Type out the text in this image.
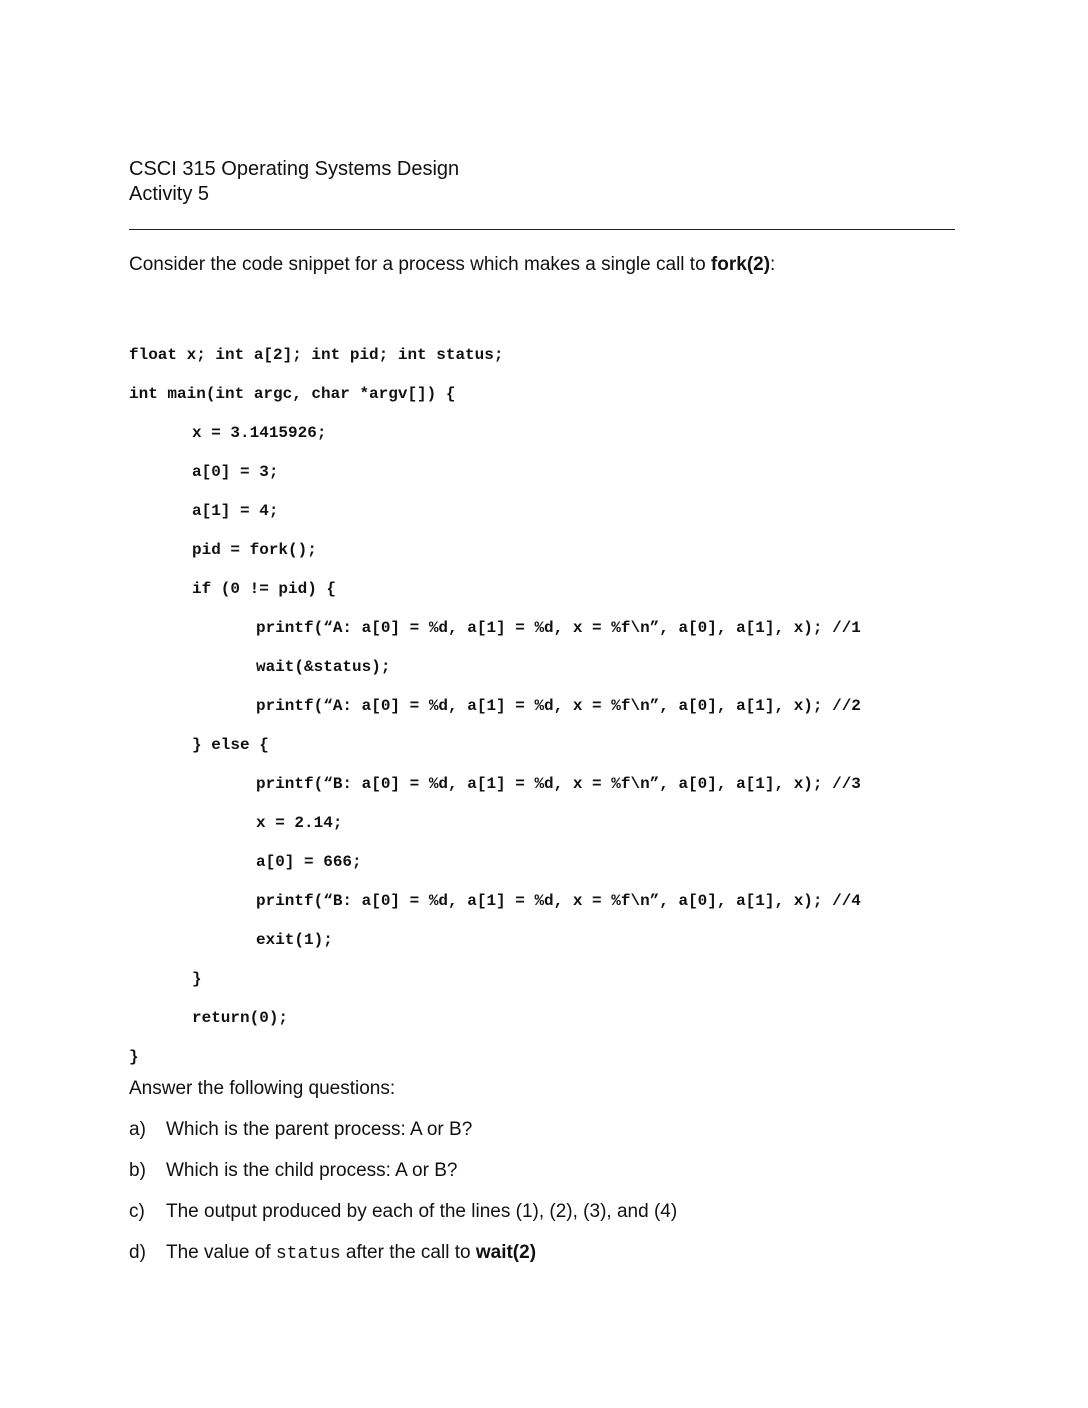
CSCI 315 Operating Systems Design
Activity 5
Consider the code snippet for a process which makes a single call to fork(2):
float x; int a[2]; int pid; int status;
int main(int argc, char *argv[]) {
x = 3.1415926;
a[0] = 3;
a[1] = 4;
pid = fork();
if (0 != pid) {
printf(“A: a[0] = %d, a[1] = %d, x = %f\n”, a[0], a[1], x); //1
wait(&status);
printf(“A: a[0] = %d, a[1] = %d, x = %f\n”, a[0], a[1], x); //2
} else {
printf(“B: a[0] = %d, a[1] = %d, x = %f\n”, a[0], a[1], x); //3
x = 2.14;
a[0] = 666;
printf(“B: a[0] = %d, a[1] = %d, x = %f\n”, a[0], a[1], x); //4
exit(1);
}
return(0);
}
Answer the following questions:
a)	Which is the parent process: A or B?
b)	Which is the child process: A or B?
c)	The output produced by each of the lines (1), (2), (3), and (4)
d)	The value of status after the call to wait(2)
